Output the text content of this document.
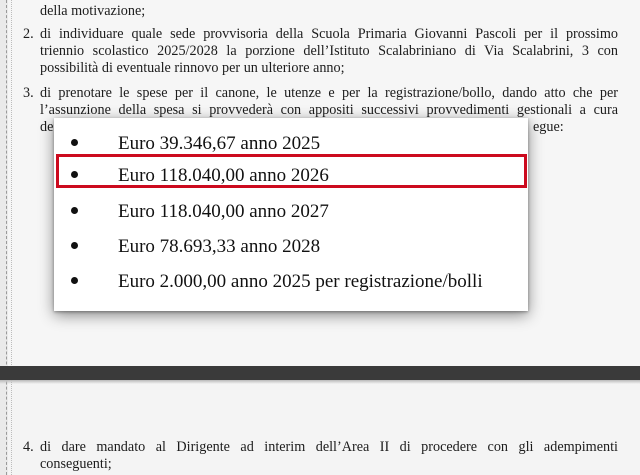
della motivazione;
2. di individuare quale sede provvisoria della Scuola Primaria Giovanni Pascoli per il prossimo
triennio scolastico 2025/2028 la porzione dell’Istituto Scalabriniano di Via Scalabrini, 3 con
possibilità di eventuale rinnovo per un ulteriore anno;
3. di prenotare le spese per il canone, le utenze e per la registrazione/bollo, dando atto che per
l’assunzione della spesa si provvederà con appositi successivi provvedimenti gestionali a cura
de	egue:
Euro 39.346,67 anno 2025
Euro 118.040,00 anno 2026
Euro 118.040,00 anno 2027
Euro 78.693,33 anno 2028
Euro 2.000,00 anno 2025 per registrazione/bolli
4. di dare mandato al Dirigente ad interim dell’Area II di procedere con gli adempimenti
conseguenti;
